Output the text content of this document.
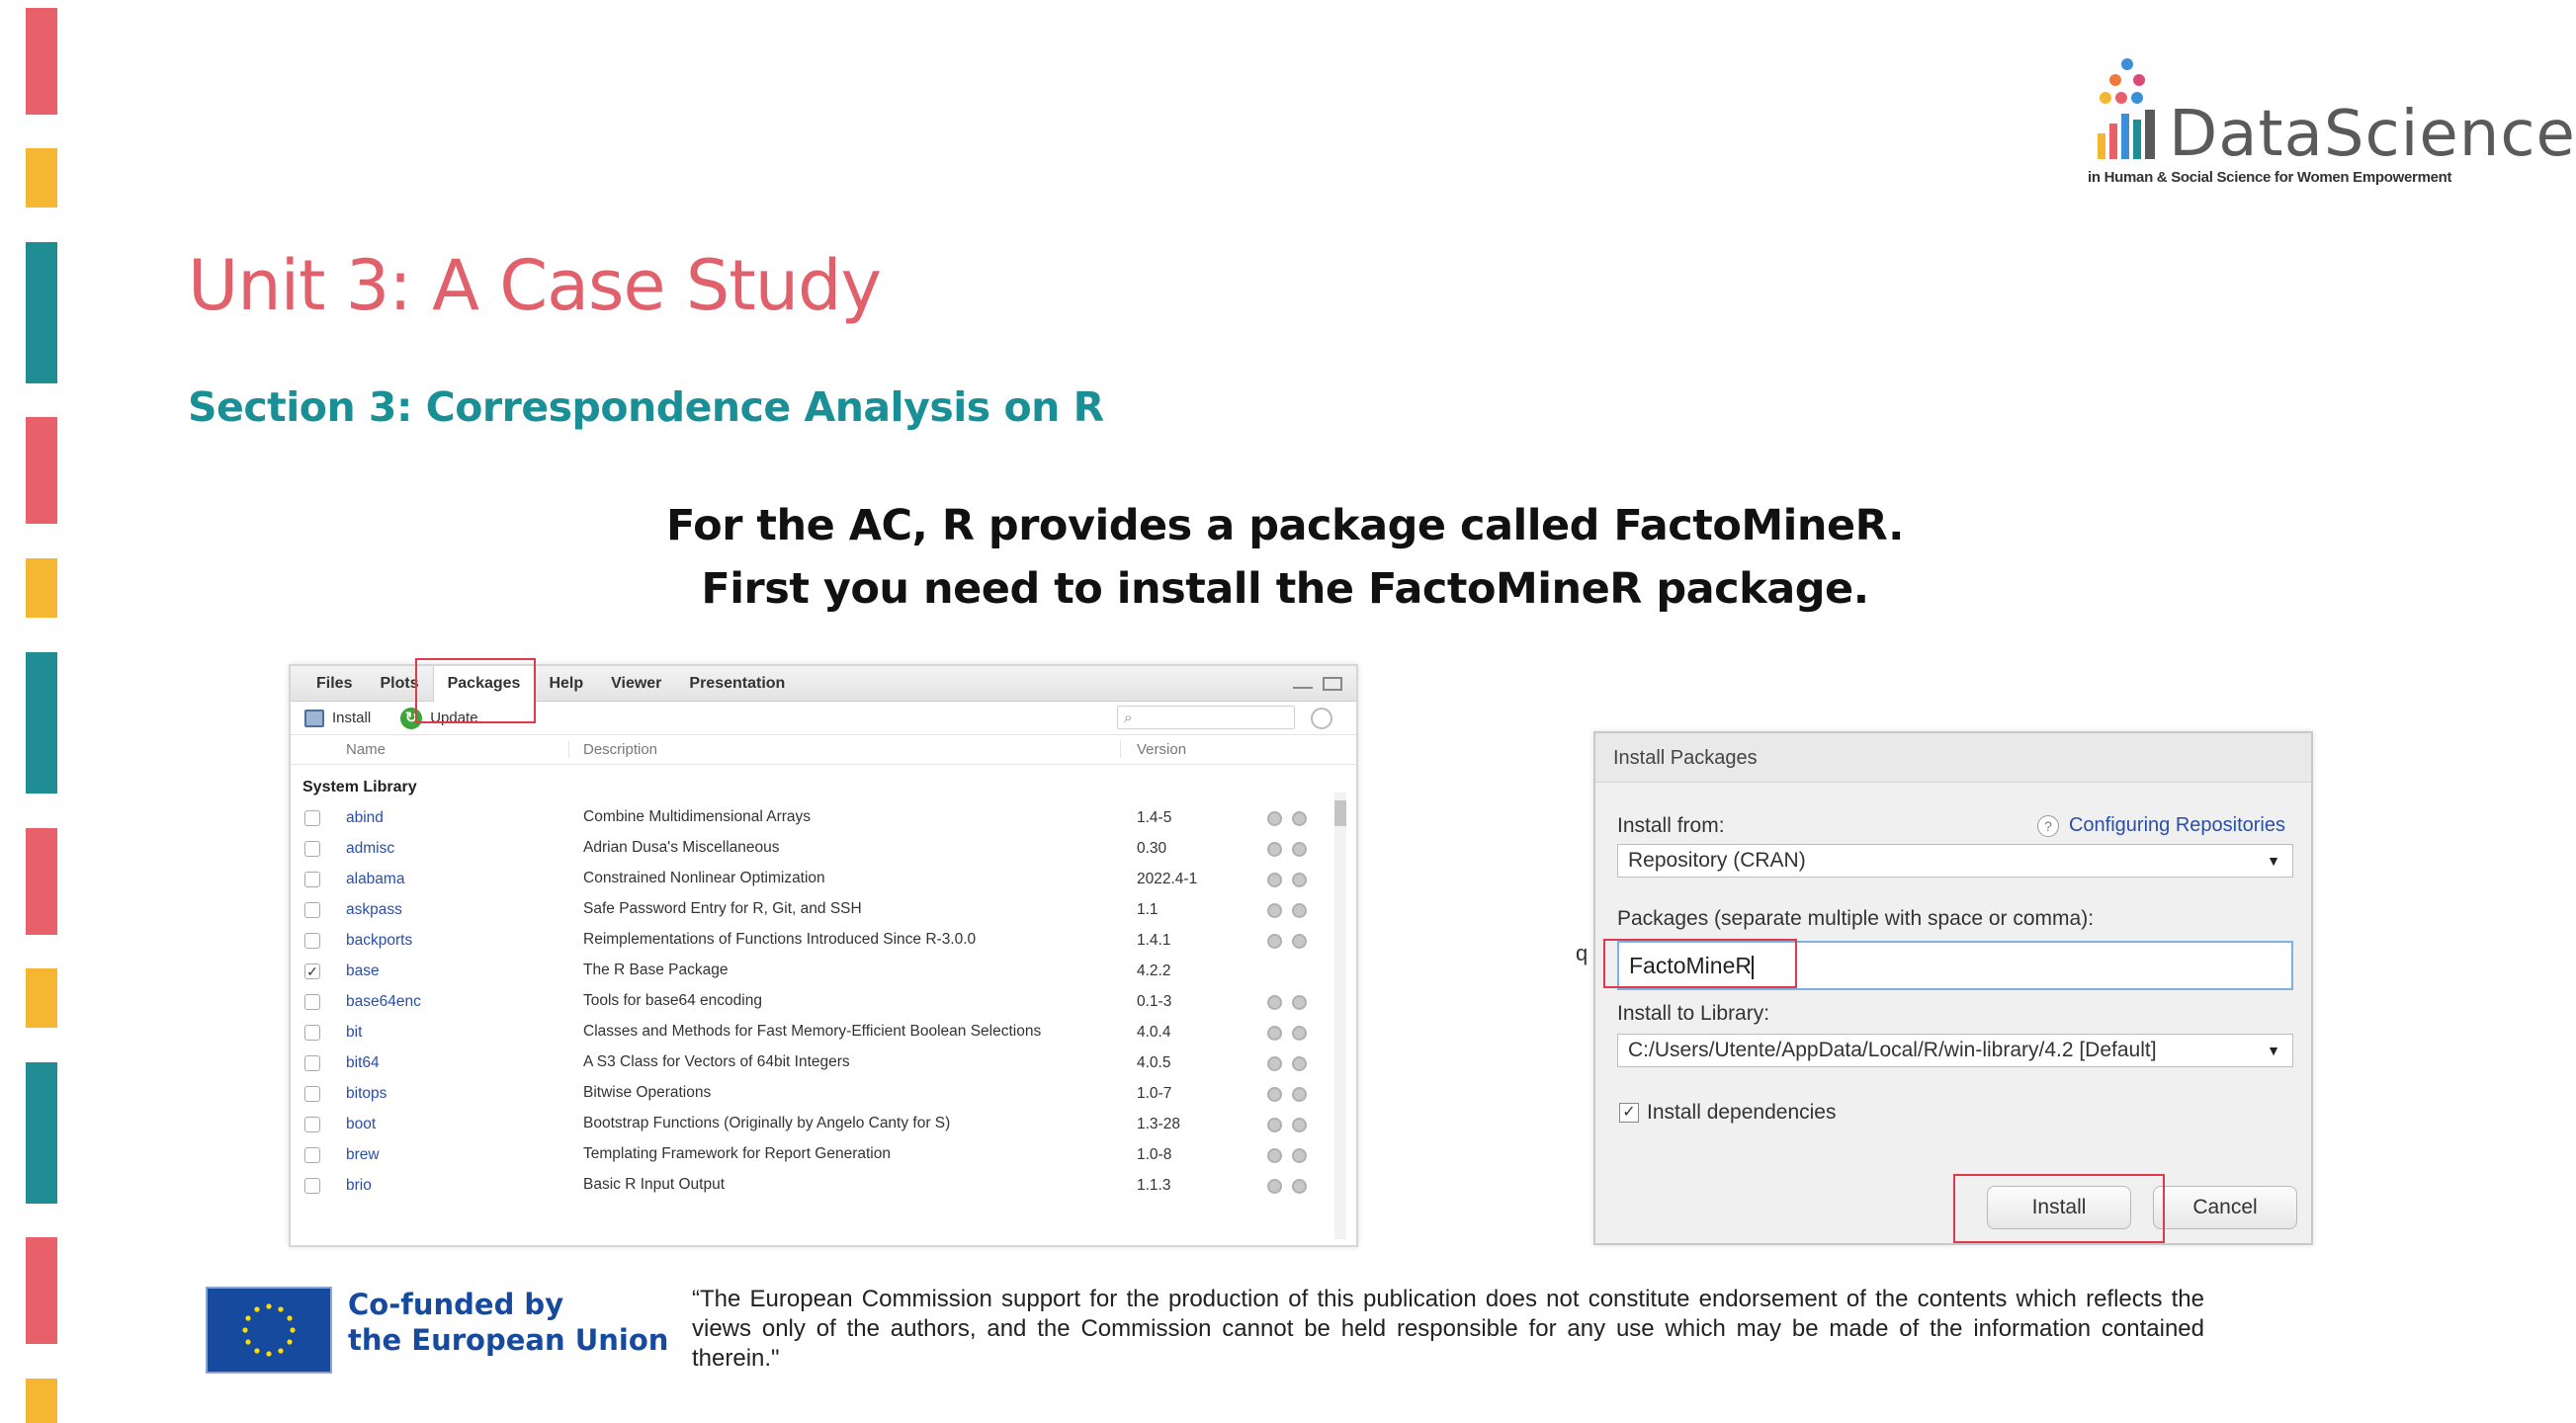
DataScience
in Human & Social Science for Women Empowerment
Unit 3: A Case Study
Section 3: Correspondence Analysis on R
For the AC, R provides a package called FactoMineR.
First you need to install the FactoMineR package.
Files	Plots	Packages	Help	Viewer	Presentation
Install	↻ Update	⌕
Name	Description	Version
System Library
abind	Combine Multidimensional Arrays	1.4-5
admisc	Adrian Dusa's Miscellaneous	0.30
alabama	Constrained Nonlinear Optimization	2022.4-1
askpass	Safe Password Entry for R, Git, and SSH	1.1
backports	Reimplementations of Functions Introduced Since R-3.0.0	1.4.1
✓	base	The R Base Package	4.2.2
base64enc	Tools for base64 encoding	0.1-3
bit	Classes and Methods for Fast Memory-Efficient Boolean Selections	4.0.4
bit64	A S3 Class for Vectors of 64bit Integers	4.0.5
bitops	Bitwise Operations	1.0-7
boot	Bootstrap Functions (Originally by Angelo Canty for S)	1.3-28
brew	Templating Framework for Report Generation	1.0-8
brio	Basic R Input Output	1.1.3
q
Install Packages
Install from:	? Configuring Repositories
Repository (CRAN)	▼
Packages (separate multiple with space or comma):
FactoMineR
Install to Library:
C:/Users/Utente/AppData/Local/R/win-library/4.2 [Default]	▼
✓ Install dependencies
Install	Cancel
Co-funded by
the European Union
“The European Commission support for the production of this publication does not constitute endorsement of the contents which reflects the views only of the authors, and the Commission cannot be held responsible for any use which may be made of the information contained therein."
